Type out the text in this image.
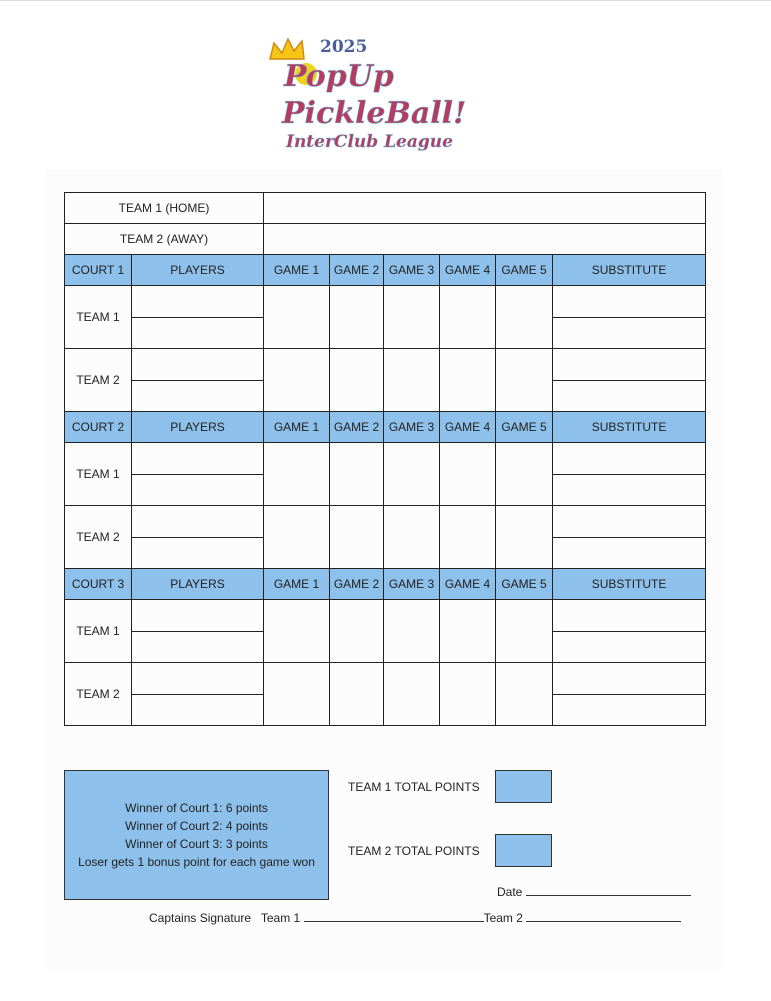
2025
PopUp
PickleBall!
InterClub League
TEAM 1 (HOME)							
TEAM 2 (AWAY)							
COURT 1	PLAYERS	GAME 1	GAME 2	GAME 3	GAME 4	GAME 5	SUBSTITUTE
TEAM 1	

TEAM 2	

COURT 2	PLAYERS	GAME 1	GAME 2	GAME 3	GAME 4	GAME 5	SUBSTITUTE
TEAM 1	

TEAM 2	

COURT 3	PLAYERS	GAME 1	GAME 2	GAME 3	GAME 4	GAME 5	SUBSTITUTE
TEAM 1	

TEAM 2	

Winner of Court 1: 6 points
Winner of Court 2: 4 points
Winner of Court 3: 3 points
Loser gets 1 bonus point for each game won
TEAM 1 TOTAL POINTS
TEAM 2 TOTAL POINTS
Date
Captains Signature Team 1	Team 2
